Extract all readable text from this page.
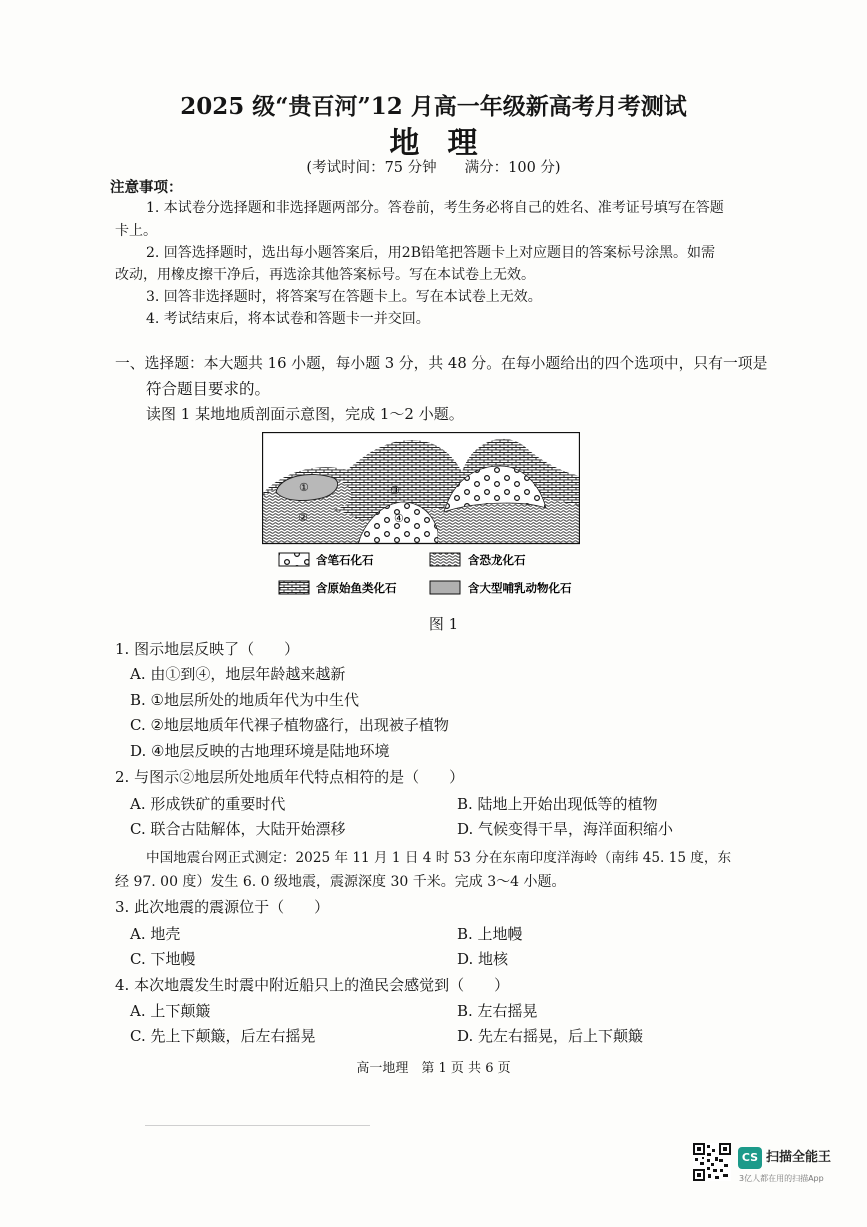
2025 级“贵百河”12 月高一年级新高考月考测试
地理
(考试时间：75 分钟 满分：100 分)
注意事项：
1. 本试卷分选择题和非选择题两部分。答卷前，考生务必将自己的姓名、准考证号填写在答题
卡上。
2. 回答选择题时，选出每小题答案后，用2B铅笔把答题卡上对应题目的答案标号涂黑。如需
改动，用橡皮擦干净后，再选涂其他答案标号。写在本试卷上无效。
3. 回答非选择题时，将答案写在答题卡上。写在本试卷上无效。
4. 考试结束后，将本试卷和答题卡一并交回。
一、选择题：本大题共 16 小题，每小题 3 分，共 48 分。在每小题给出的四个选项中，只有一项是
符合题目要求的。
读图 1 某地地质剖面示意图，完成 1～2 小题。
①
②
③
④
含笔石化石	含恐龙化石
含原始鱼类化石	含大型哺乳动物化石
图 1
1. 图示地层反映了（　　）
A. 由①到④，地层年龄越来越新
B. ①地层所处的地质年代为中生代
C. ②地层地质年代裸子植物盛行，出现被子植物
D. ④地层反映的古地理环境是陆地环境
2. 与图示②地层所处地质年代特点相符的是（　　）
A. 形成铁矿的重要时代	B. 陆地上开始出现低等的植物
C. 联合古陆解体，大陆开始漂移	D. 气候变得干旱，海洋面积缩小
中国地震台网正式测定：2025 年 11 月 1 日 4 时 53 分在东南印度洋海岭（南纬 45. 15 度，东
经 97. 00 度）发生 6. 0 级地震，震源深度 30 千米。完成 3～4 小题。
3. 此次地震的震源位于（　　）
A. 地壳	B. 上地幔
C. 下地幔	D. 地核
4. 本次地震发生时震中附近船只上的渔民会感觉到（　　）
A. 上下颠簸	B. 左右摇晃
C. 先上下颠簸，后左右摇晃	D. 先左右摇晃，后上下颠簸
高一地理　第 1 页 共 6 页
CS 扫描全能王
3亿人都在用的扫描App
